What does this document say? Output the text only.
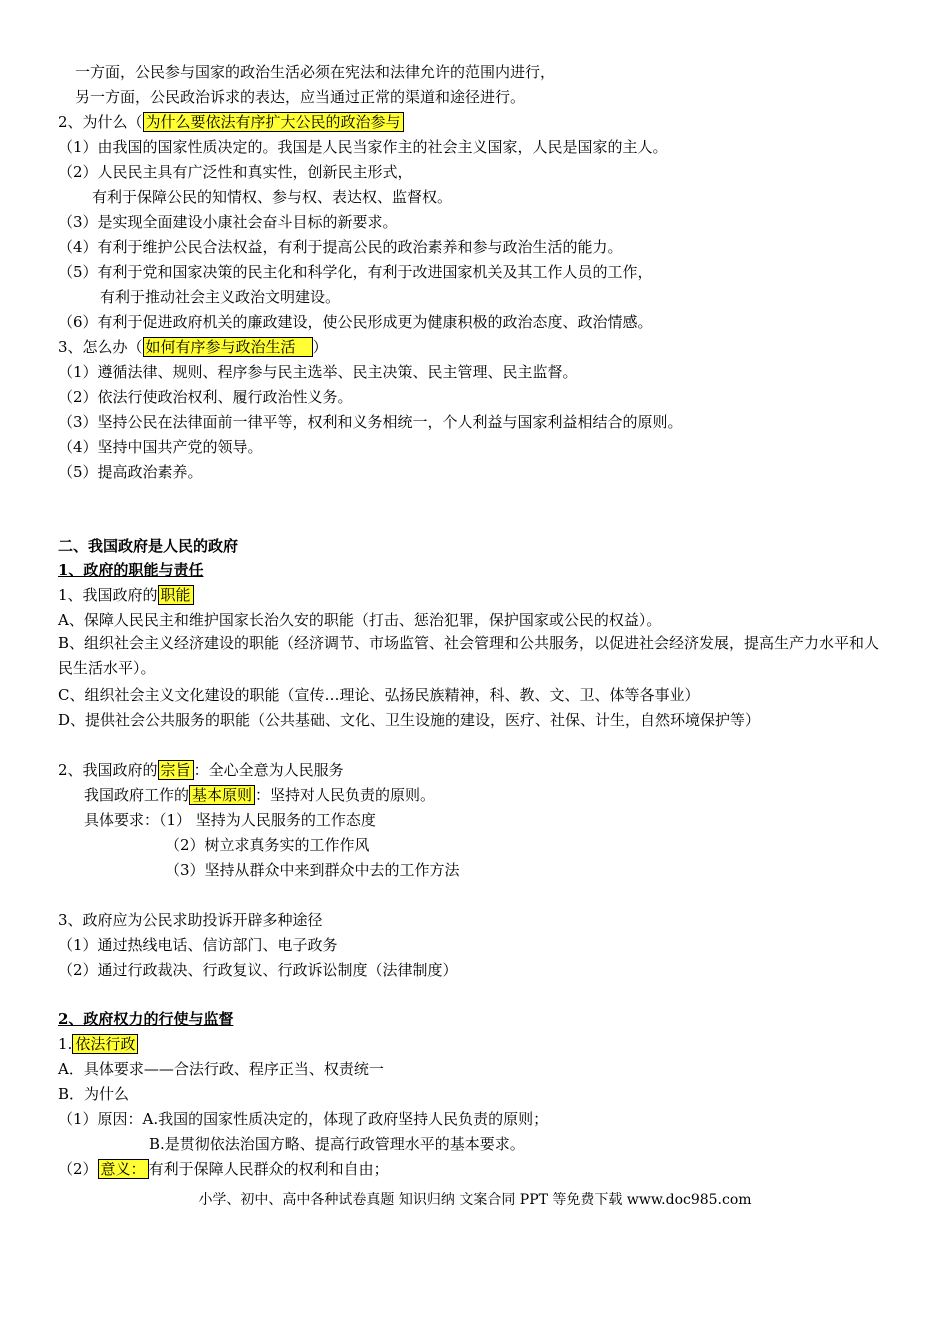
一方面，公民参与国家的政治生活必须在宪法和法律允许的范围内进行，
另一方面，公民政治诉求的表达，应当通过正常的渠道和途径进行。
2、为什么（ 为什么要依法有序扩大公民的政治参与
（1）由我国的国家性质决定的。我国是人民当家作主的社会主义国家，人民是国家的主人。
（2）人民民主具有广泛性和真实性，创新民主形式，
有利于保障公民的知情权、参与权、表达权、监督权。
（3）是实现全面建设小康社会奋斗目标的新要求。
（4）有利于维护公民合法权益，有利于提高公民的政治素养和参与政治生活的能力。
（5）有利于党和国家决策的民主化和科学化，有利于改进国家机关及其工作人员的工作，
有利于推动社会主义政治文明建设。
（6）有利于促进政府机关的廉政建设，使公民形成更为健康积极的政治态度、政治情感。
3、怎么办（ 如何有序参与政治生活 ）
（1）遵循法律、规则、程序参与民主选举、民主决策、民主管理、民主监督。
（2）依法行使政治权利、履行政治性义务。
（3）坚持公民在法律面前一律平等，权利和义务相统一，个人利益与国家利益相结合的原则。
（4）坚持中国共产党的领导。
（5）提高政治素养。
二、我国政府是人民的政府
1、政府的职能与责任
1、我国政府的 职能
A、保障人民民主和维护国家长治久安的职能（打击、惩治犯罪，保护国家或公民的权益）。
B、组织社会主义经济建设的职能（经济调节、市场监管、社会管理和公共服务，以促进社会经济发展，提高生产力水平和人民生活水平）。
C、组织社会主义文化建设的职能（宣传…理论、弘扬民族精神，科、教、文、卫、体等各事业）
D、提供社会公共服务的职能（公共基础、文化、卫生设施的建设，医疗、社保、计生，自然环境保护等）
2、我国政府的 宗旨 ：全心全意为人民服务
我国政府工作的 基本原则 ：坚持对人民负责的原则。
具体要求：（1） 坚持为人民服务的工作态度
（2）树立求真务实的工作作风
（3）坚持从群众中来到群众中去的工作方法
3、政府应为公民求助投诉开辟多种途径
（1）通过热线电话、信访部门、电子政务
（2）通过行政裁决、行政复议、行政诉讼制度（法律制度）
2、政府权力的行使与监督
1. 依法行政
A．具体要求——合法行政、程序正当、权责统一
B．为什么
（1）原因：A.我国的国家性质决定的，体现了政府坚持人民负责的原则；
B.是贯彻依法治国方略、提高行政管理水平的基本要求。
（2） 意义： 有利于保障人民群众的权利和自由；
小学、初中、高中各种试卷真题 知识归纳 文案合同 PPT 等免费下载 www.doc985.com
